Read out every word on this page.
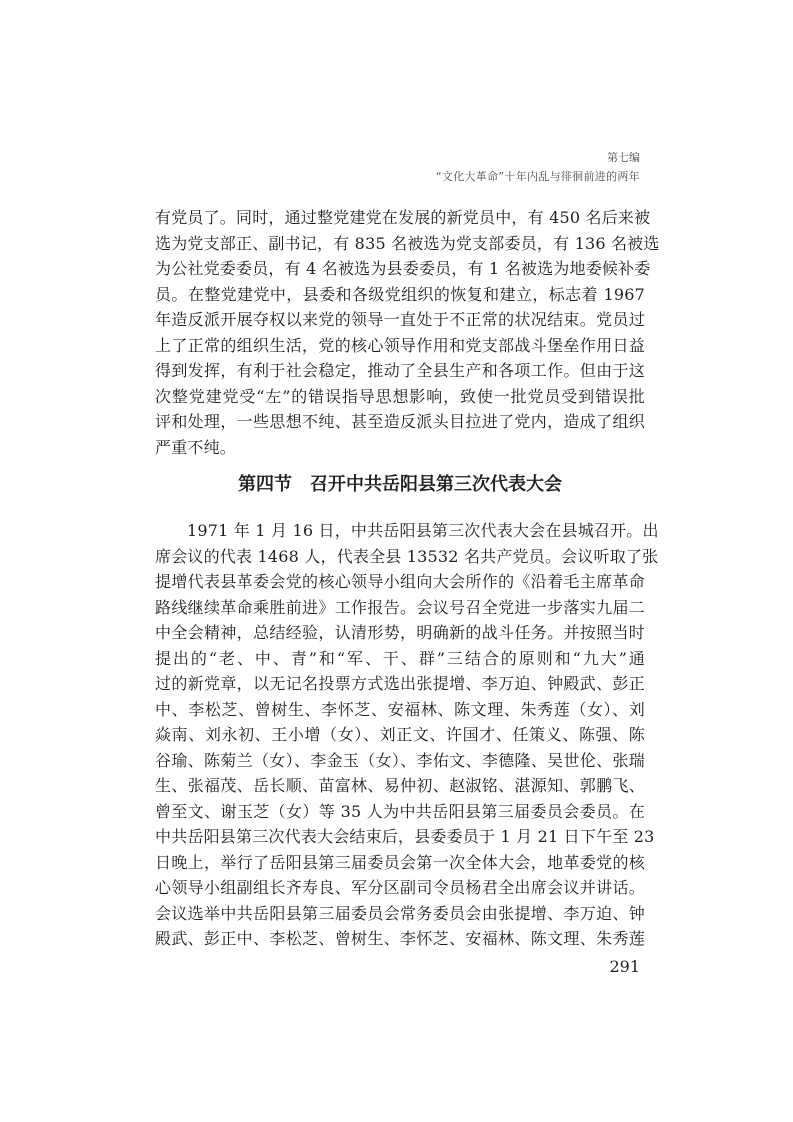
第七编
“文化大革命”十年内乱与徘徊前进的两年
有党员了。同时，通过整党建党在发展的新党员中，有 450 名后来被
选为党支部正、副书记，有 835 名被选为党支部委员，有 136 名被选
为公社党委委员，有 4 名被选为县委委员，有 1 名被选为地委候补委
员。在整党建党中，县委和各级党组织的恢复和建立，标志着 1967
年造反派开展夺权以来党的领导一直处于不正常的状况结束。党员过
上了正常的组织生活，党的核心领导作用和党支部战斗堡垒作用日益
得到发挥，有利于社会稳定，推动了全县生产和各项工作。但由于这
次整党建党受“左”的错误指导思想影响，致使一批党员受到错误批
评和处理，一些思想不纯、甚至造反派头目拉进了党内，造成了组织
严重不纯。
第四节 召开中共岳阳县第三次代表大会
1971 年 1 月 16 日，中共岳阳县第三次代表大会在县城召开。出
席会议的代表 1468 人，代表全县 13532 名共产党员。会议听取了张
提增代表县革委会党的核心领导小组向大会所作的《沿着毛主席革命
路线继续革命乘胜前进》工作报告。会议号召全党进一步落实九届二
中全会精神，总结经验，认清形势，明确新的战斗任务。并按照当时
提出的“老、中、青”和“军、干、群”三结合的原则和“九大”通
过的新党章，以无记名投票方式选出张提增、李万迫、钟殿武、彭正
中、李松芝、曾树生、李怀芝、安福林、陈文理、朱秀莲（女）、刘
焱南、刘永初、王小增（女）、刘正文、许国才、任策义、陈强、陈
谷瑜、陈菊兰（女）、李金玉（女）、李佑文、李德隆、吴世伦、张瑞
生、张福茂、岳长顺、苗富林、易仲初、赵淑铭、湛源知、郭鹏飞、
曾至文、谢玉芝（女）等 35 人为中共岳阳县第三届委员会委员。在
中共岳阳县第三次代表大会结束后，县委委员于 1 月 21 日下午至 23
日晚上，举行了岳阳县第三届委员会第一次全体大会，地革委党的核
心领导小组副组长齐寿良、军分区副司令员杨君全出席会议并讲话。
会议选举中共岳阳县第三届委员会常务委员会由张提增、李万迫、钟
殿武、彭正中、李松芝、曾树生、李怀芝、安福林、陈文理、朱秀莲
291
